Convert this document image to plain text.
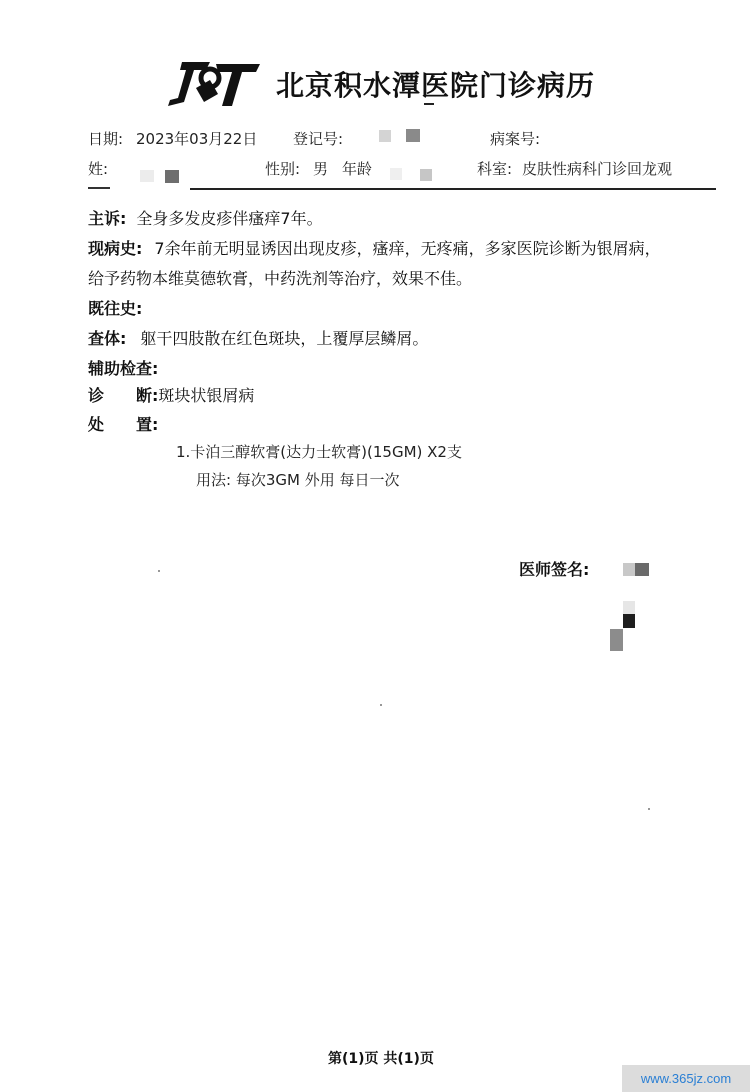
北京积水潭医院门诊病历
日期: 2023年03月22日 登记号:	病案号:
姓:	性别: 男 年龄	科室: 皮肤性病科门诊回龙观
主诉: 全身多发皮疹伴瘙痒7年。
现病史: 7余年前无明显诱因出现皮疹，瘙痒，无疼痛，多家医院诊断为银屑病，
给予药物本维莫德软膏，中药洗剂等治疗，效果不佳。
既往史:
查体: 躯干四肢散在红色斑块，上覆厚层鳞屑。
辅助检查:
诊　　断:斑块状银屑病
处　　置:
1.卡泊三醇软膏(达力士软膏)(15GM) X2支
用法: 每次3GM 外用 每日一次
医师签名:
第(1)页 共(1)页
www.365jz.com
